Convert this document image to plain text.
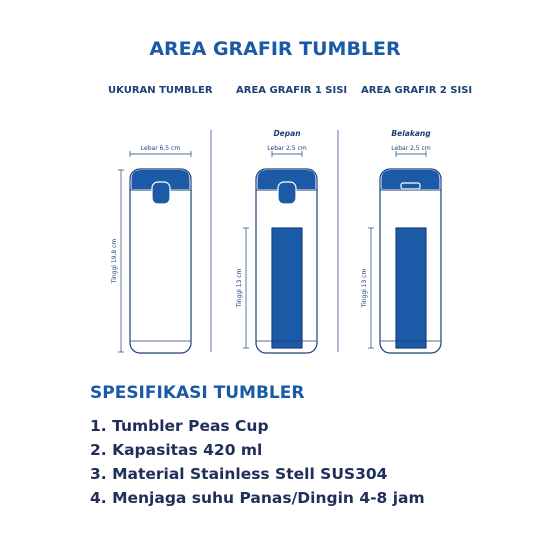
AREA GRAFIR TUMBLER
UKURAN TUMBLER AREA GRAFIR 1 SISI AREA GRAFIR 2 SISI
Lebar 6,5 cm
Tinggi 19,8 cm
Depan
Lebar 2,5 cm
Tinggi 13 cm
Belakang
Lebar 2,5 cm
Tinggi 13 cm
SPESIFIKASI TUMBLER
1. Tumbler Peas Cup
2. Kapasitas 420 ml
3. Material Stainless Stell SUS304
4. Menjaga suhu Panas/Dingin 4-8 jam
